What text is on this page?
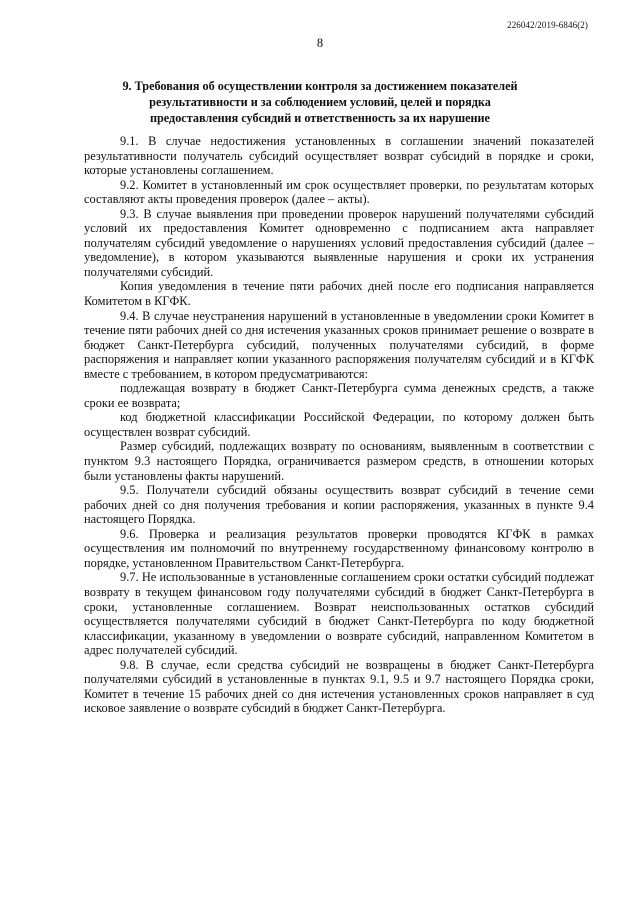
226042/2019-6846(2)
8
9. Требования об осуществлении контроля за достижением показателей результативности и за соблюдением условий, целей и порядка предоставления субсидий и ответственность за их нарушение

9.1. В случае недостижения установленных в соглашении значений показателей результативности получатель субсидий осуществляет возврат субсидий в порядке и сроки, которые установлены соглашением.

9.2. Комитет в установленный им срок осуществляет проверки, по результатам которых составляют акты проведения проверок (далее – акты).

9.3. В случае выявления при проведении проверок нарушений получателями субсидий условий их предоставления Комитет одновременно с подписанием акта направляет получателям субсидий уведомление о нарушениях условий предоставления субсидий (далее – уведомление), в котором указываются выявленные нарушения и сроки их устранения получателями субсидий.

Копия уведомления в течение пяти рабочих дней после его подписания направляется Комитетом в КГФК.

9.4. В случае неустранения нарушений в установленные в уведомлении сроки Комитет в течение пяти рабочих дней со дня истечения указанных сроков принимает решение о возврате в бюджет Санкт-Петербурга субсидий, полученных получателями субсидий, в форме распоряжения и направляет копии указанного распоряжения получателям субсидий и в КГФК вместе с требованием, в котором предусматриваются:

подлежащая возврату в бюджет Санкт-Петербурга сумма денежных средств, а также сроки ее возврата;

код бюджетной классификации Российской Федерации, по которому должен быть осуществлен возврат субсидий.

Размер субсидий, подлежащих возврату по основаниям, выявленным в соответствии с пунктом 9.3 настоящего Порядка, ограничивается размером средств, в отношении которых были установлены факты нарушений.

9.5. Получатели субсидий обязаны осуществить возврат субсидий в течение семи рабочих дней со дня получения требования и копии распоряжения, указанных в пункте 9.4 настоящего Порядка.

9.6. Проверка и реализация результатов проверки проводятся КГФК в рамках осуществления им полномочий по внутреннему государственному финансовому контролю в порядке, установленном Правительством Санкт-Петербурга.

9.7. Не использованные в установленные соглашением сроки остатки субсидий подлежат возврату в текущем финансовом году получателями субсидий в бюджет Санкт-Петербурга в сроки, установленные соглашением. Возврат неиспользованных остатков субсидий осуществляется получателями субсидий в бюджет Санкт-Петербурга по коду бюджетной классификации, указанному в уведомлении о возврате субсидий, направленном Комитетом в адрес получателей субсидий.

9.8. В случае, если средства субсидий не возвращены в бюджет Санкт-Петербурга получателями субсидий в установленные в пунктах 9.1, 9.5 и 9.7 настоящего Порядка сроки, Комитет в течение 15 рабочих дней со дня истечения установленных сроков направляет в суд исковое заявление о возврате субсидий в бюджет Санкт-Петербурга.
